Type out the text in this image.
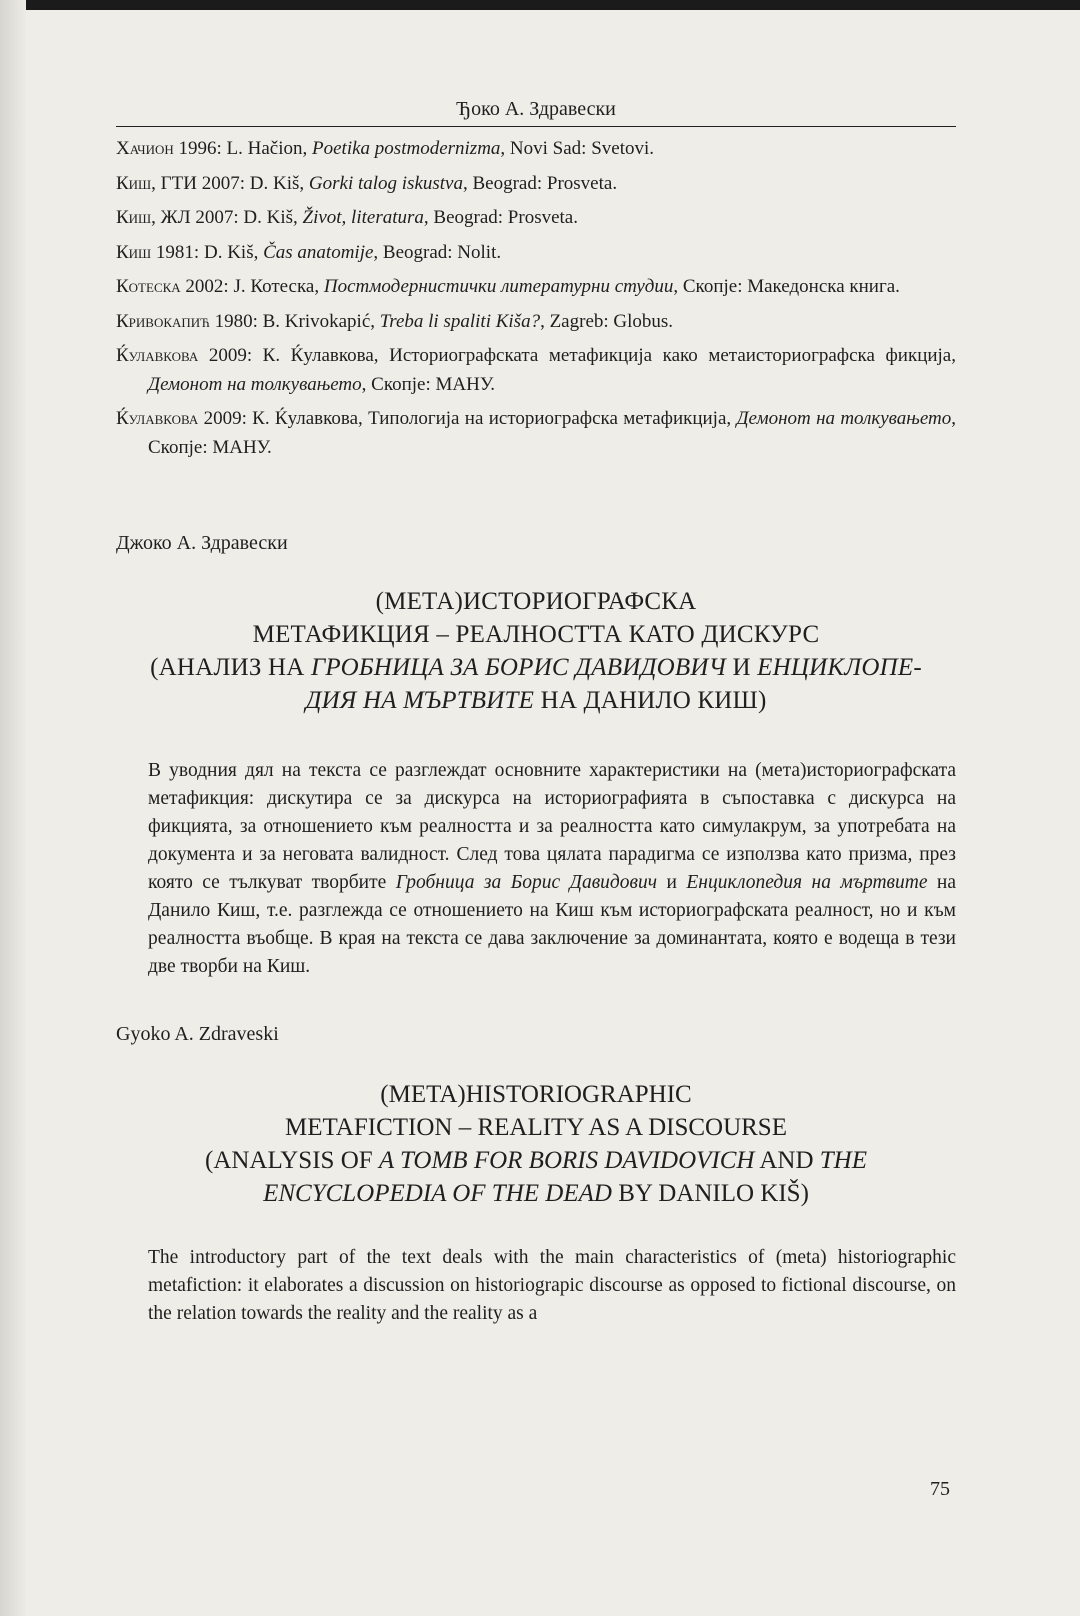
Ђоко А. Здравески
Хачион 1996: L. Hačion, Poetika postmodernizma, Novi Sad: Svetovi.
Киш, ГТИ 2007: D. Kiš, Gorki talog iskustva, Beograd: Prosveta.
Киш, ЖЛ 2007: D. Kiš, Život, literatura, Beograd: Prosveta.
Киш 1981: D. Kiš, Čas anatomije, Beograd: Nolit.
Котеска 2002: J. Котеска, Постмодернистички литературни студии, Скопје: Македонска книга.
Кривокапић 1980: B. Krivokapić, Treba li spaliti Kiša?, Zagreb: Globus.
Ќулавкова 2009: К. Ќулавкова, Историографската метафикција како метаисториографска фикција, Демонот на толкувањето, Скопје: МАНУ.
Ќулавкова 2009: К. Ќулавкова, Типологија на историографска метафикција, Демонот на толкувањето, Скопје: МАНУ.
Джоко А. Здравески
(МЕТА)ИСТОРИОГРАФСКА
МЕТАФИКЦИЯ – РЕАЛНОСТТА КАТО ДИСКУРС
(АНАЛИЗ НА ГРОБНИЦА ЗА БОРИС ДАВИДОВИЧ И ЕНЦИКЛОПЕ-
ДИЯ НА МЪРТВИТЕ НА ДАНИЛО КИШ)
В уводния дял на текста се разглеждат основните характеристики на (мета)историографската метафикция: дискутира се за дискурса на историографията в съпоставка с дискурса на фикцията, за отношението към реалността и за реалността като симулакрум, за употребата на документа и за неговата валидност. След това цялата парадигма се използва като призма, през която се тълкуват творбите Гробница за Борис Давидович и Енциклопедия на мъртвите на Данило Киш, т.е. разглежда се отношението на Киш към историографската реалност, но и към реалността въобще. В края на текста се дава заключение за доминантата, която е водеща в тези две творби на Киш.
Gyoko A. Zdraveski
(META)HISTORIOGRAPHIC
METAFICTION – REALITY AS A DISCOURSE
(ANALYSIS OF A TOMB FOR BORIS DAVIDOVICH AND THE
ENCYCLOPEDIA OF THE DEAD BY DANILO KIŠ)
The introductory part of the text deals with the main characteristics of (meta) historiographic metafiction: it elaborates a discussion on historiograpic discourse as opposed to fictional discourse, on the relation towards the reality and the reality as a
75
